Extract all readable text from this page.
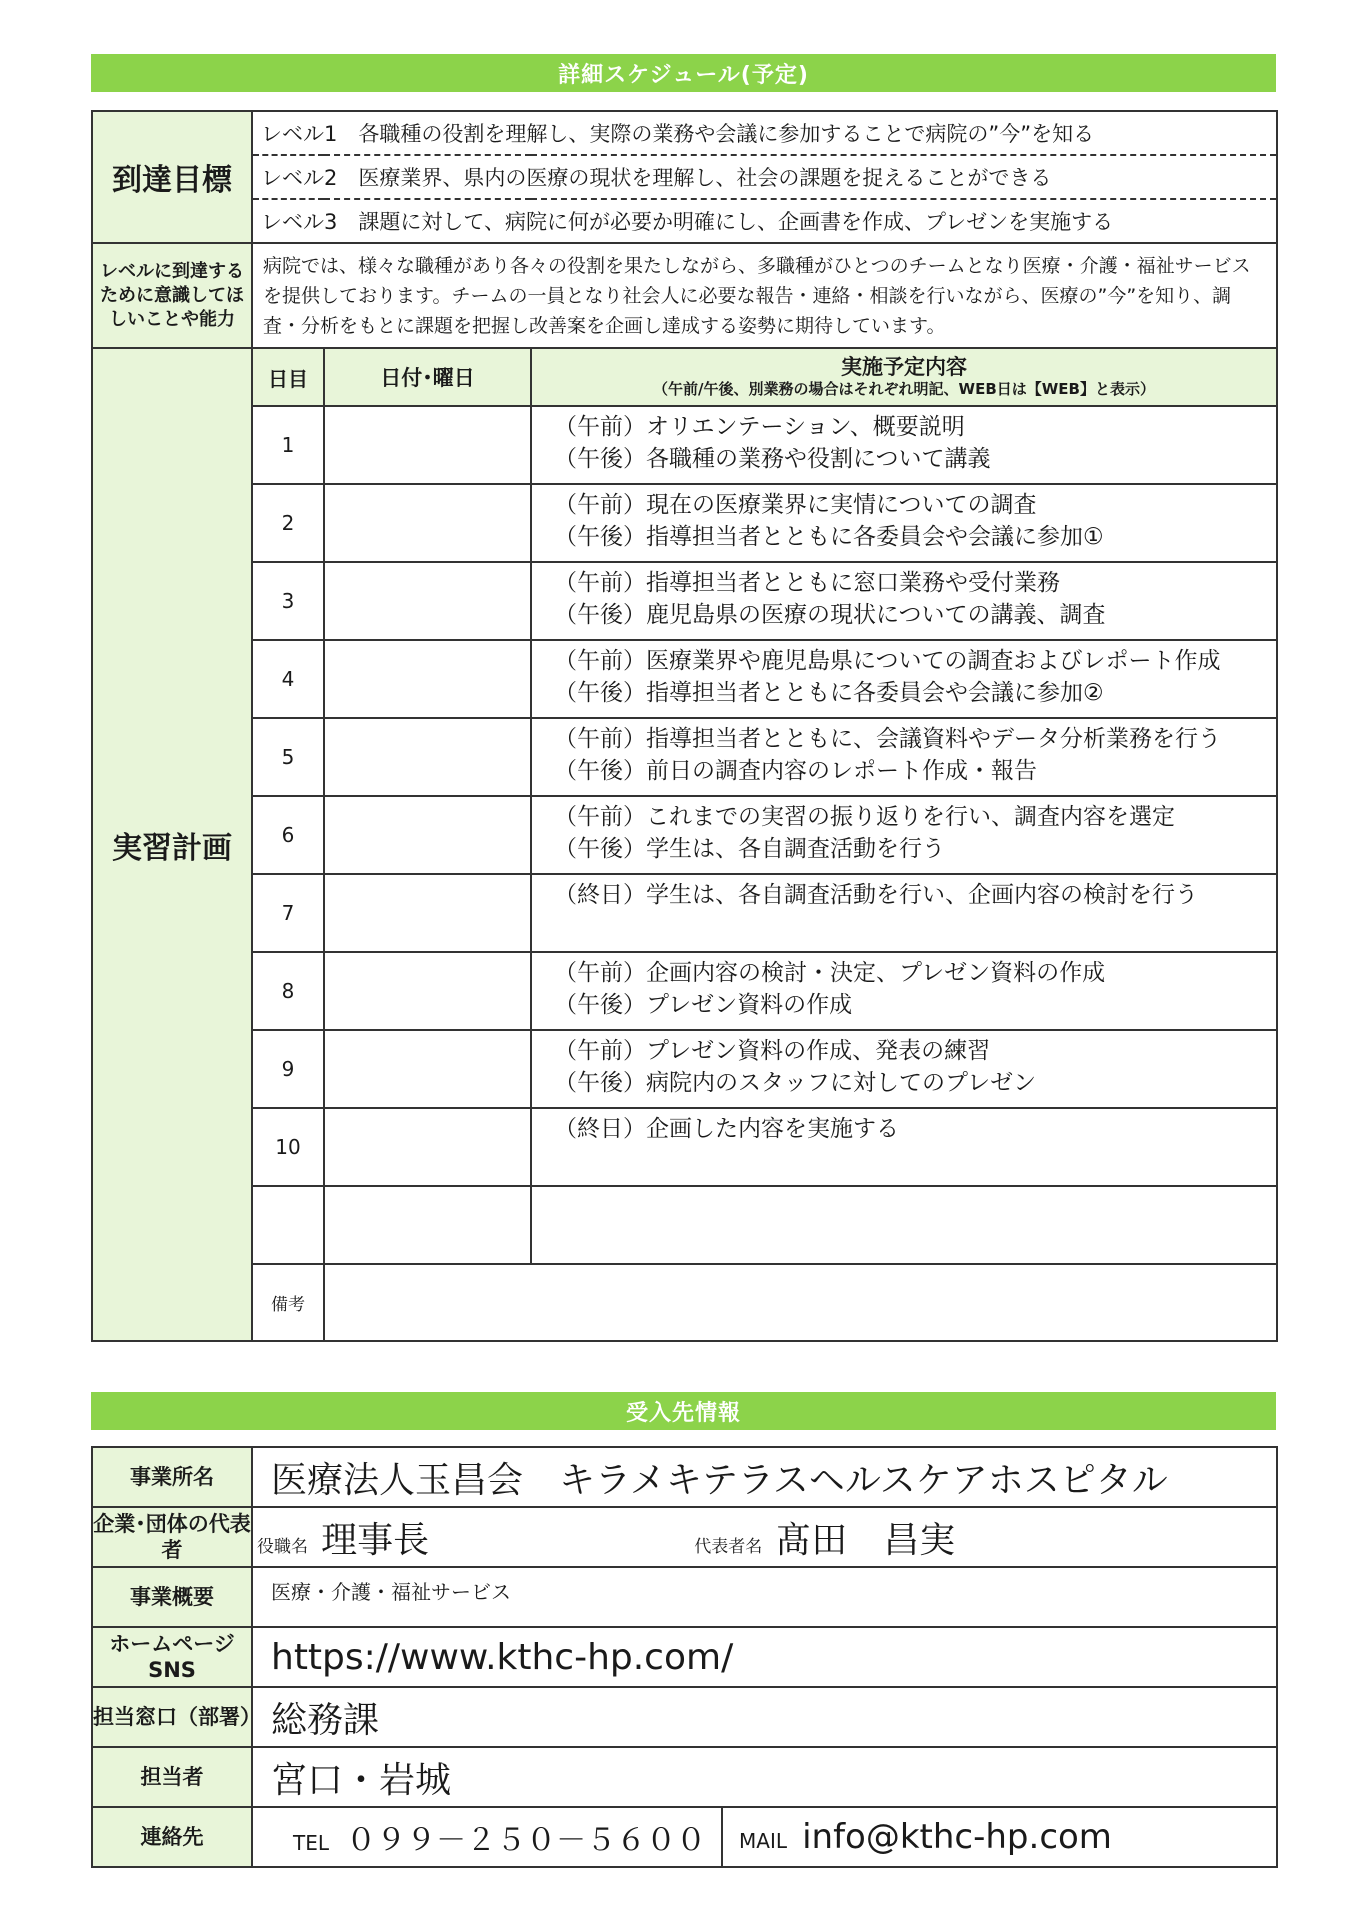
詳細スケジュール(予定)
到達目標	レベル1　各職種の役割を理解し、実際の業務や会議に参加することで病院の”今”を知る		
	レベル2　医療業界、県内の医療の現状を理解し、社会の課題を捉えることができる		
	レベル3　課題に対して、病院に何が必要か明確にし、企画書を作成、プレゼンを実施する		
レベルに到達するために意識してほしいことや能力	病院では、様々な職種があり各々の役割を果たしながら、多職種がひとつのチームとなり医療・介護・福祉サービスを提供しております。チームの一員となり社会人に必要な報告・連絡・相談を行いながら、医療の”今”を知り、調査・分析をもとに課題を把握し改善案を企画し達成する姿勢に期待しています。		
実習計画	日目	日付･曜日	実施予定内容
（午前/午後、別業務の場合はそれぞれ明記、WEB日は【WEB】と表示）

	1		（午前）オリエンテーション、概要説明
（午後）各職種の業務や役割について講義

	2		（午前）現在の医療業界に実情についての調査
（午後）指導担当者とともに各委員会や会議に参加①

	3		（午前）指導担当者とともに窓口業務や受付業務
（午後）鹿児島県の医療の現状についての講義、調査

	4		（午前）医療業界や鹿児島県についての調査およびレポート作成
（午後）指導担当者とともに各委員会や会議に参加②

	5		（午前）指導担当者とともに、会議資料やデータ分析業務を行う
（午後）前日の調査内容のレポート作成・報告

	6		（午前）これまでの実習の振り返りを行い、調査内容を選定
（午後）学生は、各自調査活動を行う

	7		（終日）学生は、各自調査活動を行い、企画内容の検討を行う

	8		（午前）企画内容の検討・決定、プレゼン資料の作成
（午後）プレゼン資料の作成

	9		（午前）プレゼン資料の作成、発表の練習
（午後）病院内のスタッフに対してのプレゼン

	10		（終日）企画した内容を実施する

	備考		
受入先情報
事業所名	医療法人玉昌会　キラメキテラスヘルスケアホスピタル	
企業･団体の代表者	役職名 理事長 代表者名 髙田　昌実	
事業概要	医療・介護・福祉サービス	
ホームページSNS	https://www.kthc-hp.com/	
担当窓口（部署）	総務課	
担当者	宮口・岩城	
連絡先	TEL ０９９－２５０－５６００	MAIL info@kthc-hp.com
